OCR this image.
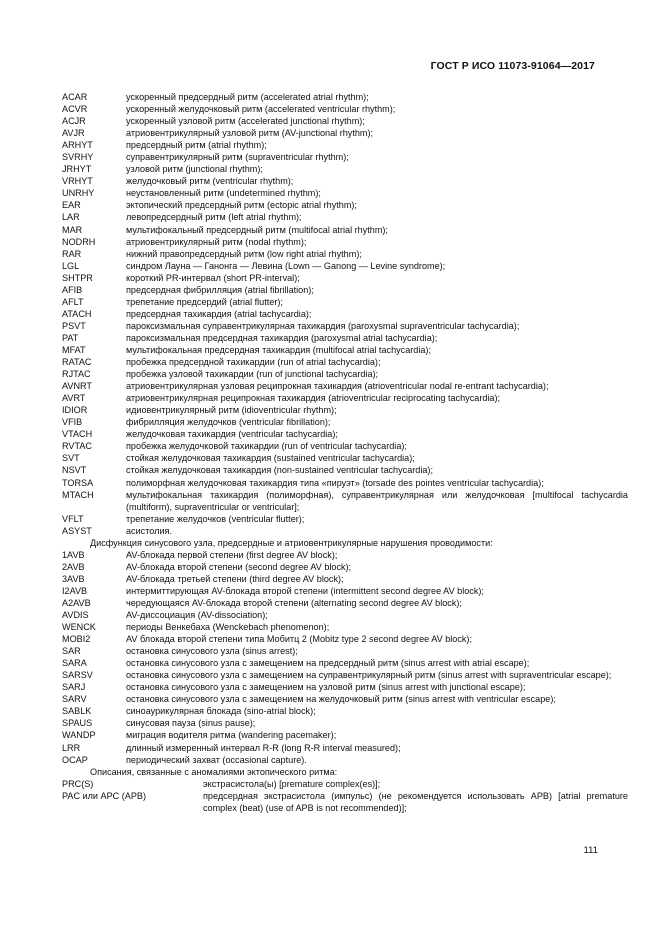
ГОСТ Р ИСО 11073-91064—2017
ACAR	ускоренный предсердный ритм (accelerated atrial rhythm);
ACVR	ускоренный желудочковый ритм (accelerated ventricular rhythm);
ACJR	ускоренный узловой ритм (accelerated junctional rhythm);
AVJR	атриовентрикулярный узловой ритм (AV-junctional rhythm);
ARHYT	предсердный ритм (atrial rhythm);
SVRHY	суправентрикулярный ритм (supraventricular rhythm);
JRHYT	узловой ритм (junctional rhythm);
VRHYT	желудочковый ритм (ventricular rhythm);
UNRHY	неустановленный ритм (undetermined rhythm);
EAR	эктопический предсердный ритм (ectopic atrial rhythm);
LAR	левопредсердный ритм (left atrial rhythm);
MAR	мультифокальный предсердный ритм (multifocal atrial rhythm);
NODRH	атриовентрикулярный ритм (nodal rhythm);
RAR	нижний правопредсердный ритм (low right atrial rhythm);
LGL	синдром Лауна — Ганонга — Левина (Lown — Ganong — Levine syndrome);
SHTPR	короткий PR-интервал (short PR-interval);
AFIB	предсердная фибрилляция (atrial fibrillation);
AFLT	трепетание предсердий (atrial flutter);
ATACH	предсердная тахикардия (atrial tachycardia);
PSVT	пароксизмальная суправентрикулярная тахикардия (paroxysmal supraventricular tachycardia);
PAT	пароксизмальная предсердная тахикардия (paroxysmal atrial tachycardia);
MFAT	мультифокальная предсердная тахикардия (multifocal atrial tachycardia);
RATAC	пробежка предсердной тахикардии (run of atrial tachycardia);
RJTAC	пробежка узловой тахикардии (run of junctional tachycardia);
AVNRT	атриовентрикулярная узловая реципрокная тахикардия (atrioventricular nodal re-entrant tachycardia);
AVRT	атриовентрикулярная реципрокная тахикардия (atrioventricular reciprocating tachycardia);
IDIOR	идиовентрикулярный ритм (idioventricular rhythm);
VFIB	фибрилляция желудочков (ventricular fibrillation);
VTACH	желудочковая тахикардия (ventricular tachycardia);
RVTAC	пробежка желудочковой тахикардии (run of ventricular tachycardia);
SVT	стойкая желудочковая тахикардия (sustained ventricular tachycardia);
NSVT	стойкая желудочковая тахикардия (non-sustained ventricular tachycardia);
TORSA	полиморфная желудочковая тахикардия типа «пируэт» (torsade des pointes ventricular tachycardia);
MTACH	мультифокальная тахикардия (полиморфная), суправентрикулярная или желудочковая [multifocal tachycardia (multiform), supraventricular or ventricular];
VFLT	трепетание желудочков (ventricular flutter);
ASYST	асистолия.
Дисфункция синусового узла, предсердные и атриовентрикулярные нарушения проводимости:
1AVB	AV-блокада первой степени (first degree AV block);
2AVB	AV-блокада второй степени (second degree AV block);
3AVB	AV-блокада третьей степени (third degree AV block);
I2AVB	интермиттирующая AV-блокада второй степени (intermittent second degree AV block);
A2AVB	чередующаяся AV-блокада второй степени (alternating second degree AV block);
AVDIS	AV-диссоциация (AV-dissociation);
WENCK	периоды Венкебаха (Wenckebach phenomenon);
MOBI2	AV блокада второй степени типа Мобитц 2 (Mobitz type 2 second degree AV block);
SAR	остановка синусового узла (sinus arrest);
SARA	остановка синусового узла с замещением на предсердный ритм (sinus arrest with atrial escape);
SARSV	остановка синусового узла с замещением на суправентрикулярный ритм (sinus arrest with supraventricular escape);
SARJ	остановка синусового узла с замещением на узловой ритм (sinus arrest with junctional escape);
SARV	остановка синусового узла с замещением на желудочковый ритм (sinus arrest with ventricular escape);
SABLK	синоаурикулярная блокада (sino-atrial block);
SPAUS	синусовая пауза (sinus pause);
WANDP	миграция водителя ритма (wandering pacemaker);
LRR	длинный измеренный интервал R-R (long R-R interval measured);
OCAP	периодический захват (occasional capture).
Описания, связанные с аномалиями эктопического ритма:
PRC(S)	экстрасистола(ы) [premature complex(es)];
PAC или APC (APB)	предсердная экстрасистола (импульс) (не рекомендуется использовать APB) [atrial premature complex (beat) (use of APB is not recommended)];
111
